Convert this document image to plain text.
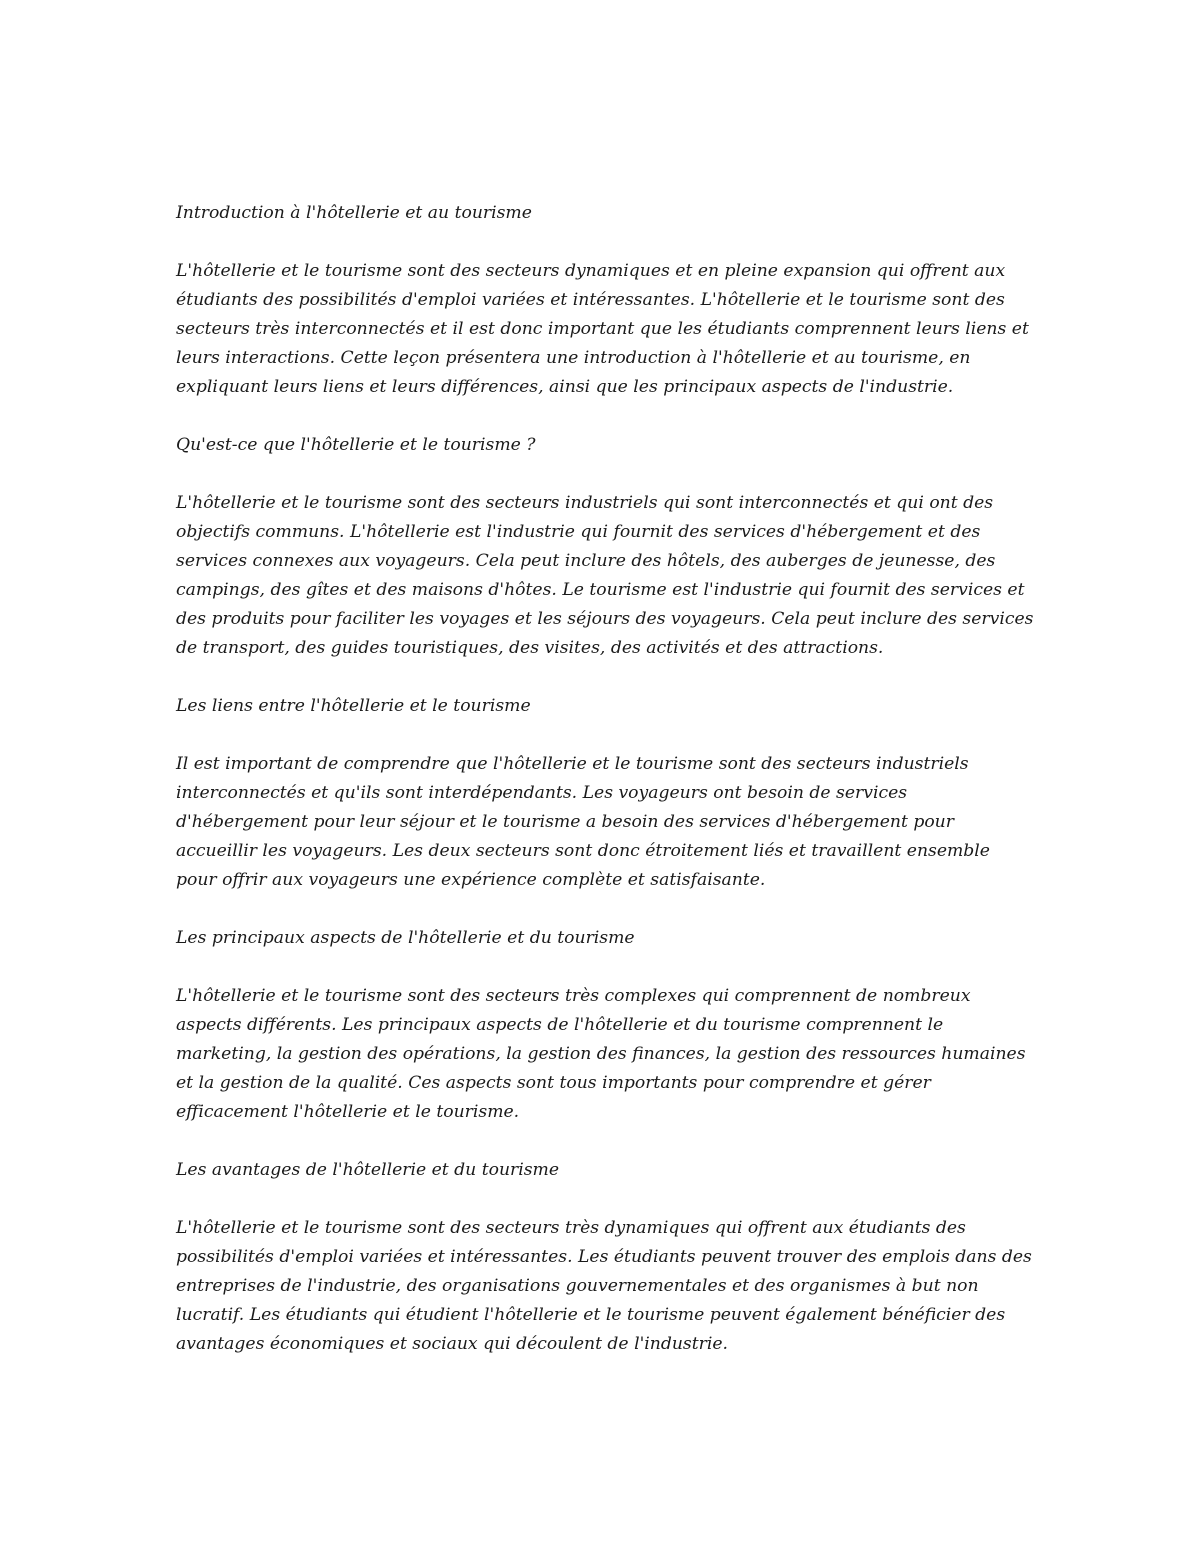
Introduction à l'hôtellerie et au tourisme

L'hôtellerie et le tourisme sont des secteurs dynamiques et en pleine expansion qui offrent aux étudiants des possibilités d'emploi variées et intéressantes. L'hôtellerie et le tourisme sont des secteurs très interconnectés et il est donc important que les étudiants comprennent leurs liens et leurs interactions. Cette leçon présentera une introduction à l'hôtellerie et au tourisme, en expliquant leurs liens et leurs différences, ainsi que les principaux aspects de l'industrie.

Qu'est-ce que l'hôtellerie et le tourisme ?

L'hôtellerie et le tourisme sont des secteurs industriels qui sont interconnectés et qui ont des objectifs communs. L'hôtellerie est l'industrie qui fournit des services d'hébergement et des services connexes aux voyageurs. Cela peut inclure des hôtels, des auberges de jeunesse, des campings, des gîtes et des maisons d'hôtes. Le tourisme est l'industrie qui fournit des services et des produits pour faciliter les voyages et les séjours des voyageurs. Cela peut inclure des services de transport, des guides touristiques, des visites, des activités et des attractions.

Les liens entre l'hôtellerie et le tourisme

Il est important de comprendre que l'hôtellerie et le tourisme sont des secteurs industriels interconnectés et qu'ils sont interdépendants. Les voyageurs ont besoin de services d'hébergement pour leur séjour et le tourisme a besoin des services d'hébergement pour accueillir les voyageurs. Les deux secteurs sont donc étroitement liés et travaillent ensemble pour offrir aux voyageurs une expérience complète et satisfaisante.

Les principaux aspects de l'hôtellerie et du tourisme

L'hôtellerie et le tourisme sont des secteurs très complexes qui comprennent de nombreux aspects différents. Les principaux aspects de l'hôtellerie et du tourisme comprennent le marketing, la gestion des opérations, la gestion des finances, la gestion des ressources humaines et la gestion de la qualité. Ces aspects sont tous importants pour comprendre et gérer efficacement l'hôtellerie et le tourisme.

Les avantages de l'hôtellerie et du tourisme

L'hôtellerie et le tourisme sont des secteurs très dynamiques qui offrent aux étudiants des possibilités d'emploi variées et intéressantes. Les étudiants peuvent trouver des emplois dans des entreprises de l'industrie, des organisations gouvernementales et des organismes à but non lucratif. Les étudiants qui étudient l'hôtellerie et le tourisme peuvent également bénéficier des avantages économiques et sociaux qui découlent de l'industrie.
